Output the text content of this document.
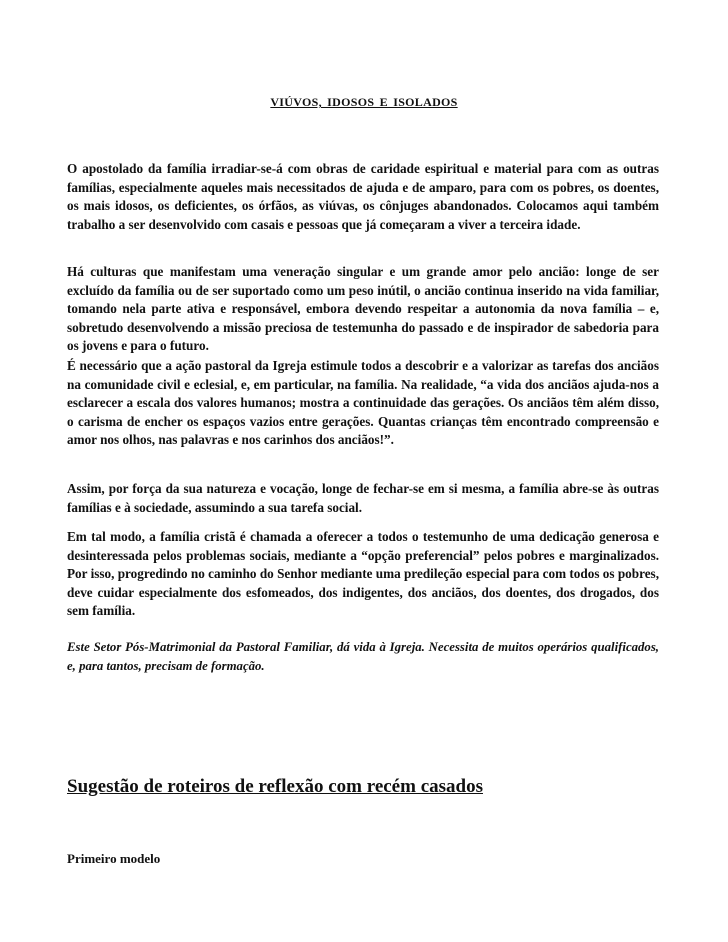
VIÚVOS, IDOSOS E ISOLADOS

O apostolado da família irradiar-se-á com obras de caridade espiritual e material para com as outras famílias, especialmente aqueles mais necessitados de ajuda e de amparo, para com os pobres, os doentes, os mais idosos, os deficientes, os órfãos, as viúvas, os cônjuges abandonados. Colocamos aqui também trabalho a ser desenvolvido com casais e pessoas que já começaram a viver a terceira idade.

Há culturas que manifestam uma veneração singular e um grande amor pelo ancião: longe de ser excluído da família ou de ser suportado como um peso inútil, o ancião continua inserido na vida familiar, tomando nela parte ativa e responsável, embora devendo respeitar a autonomia da nova família – e, sobretudo desenvolvendo a missão preciosa de testemunha do passado e de inspirador de sabedoria para os jovens e para o futuro.

É necessário que a ação pastoral da Igreja estimule todos a descobrir e a valorizar as tarefas dos anciãos na comunidade civil e eclesial, e, em particular, na família. Na realidade, “a vida dos anciãos ajuda-nos a esclarecer a escala dos valores humanos; mostra a continuidade das gerações. Os anciãos têm além disso, o carisma de encher os espaços vazios entre gerações. Quantas crianças têm encontrado compreensão e amor nos olhos, nas palavras e nos carinhos dos anciãos!”.

Assim, por força da sua natureza e vocação, longe de fechar-se em si mesma, a família abre-se às outras famílias e à sociedade, assumindo a sua tarefa social.

Em tal modo, a família cristã é chamada a oferecer a todos o testemunho de uma dedicação generosa e desinteressada pelos problemas sociais, mediante a “opção preferencial” pelos pobres e marginalizados. Por isso, progredindo no caminho do Senhor mediante uma predileção especial para com todos os pobres, deve cuidar especialmente dos esfomeados, dos indigentes, dos anciãos, dos doentes, dos drogados, dos sem família.

Este Setor Pós-Matrimonial da Pastoral Familiar, dá vida à Igreja. Necessita de muitos operários qualificados, e, para tantos, precisam de formação.

Sugestão de roteiros de reflexão com recém casados

Primeiro modelo
